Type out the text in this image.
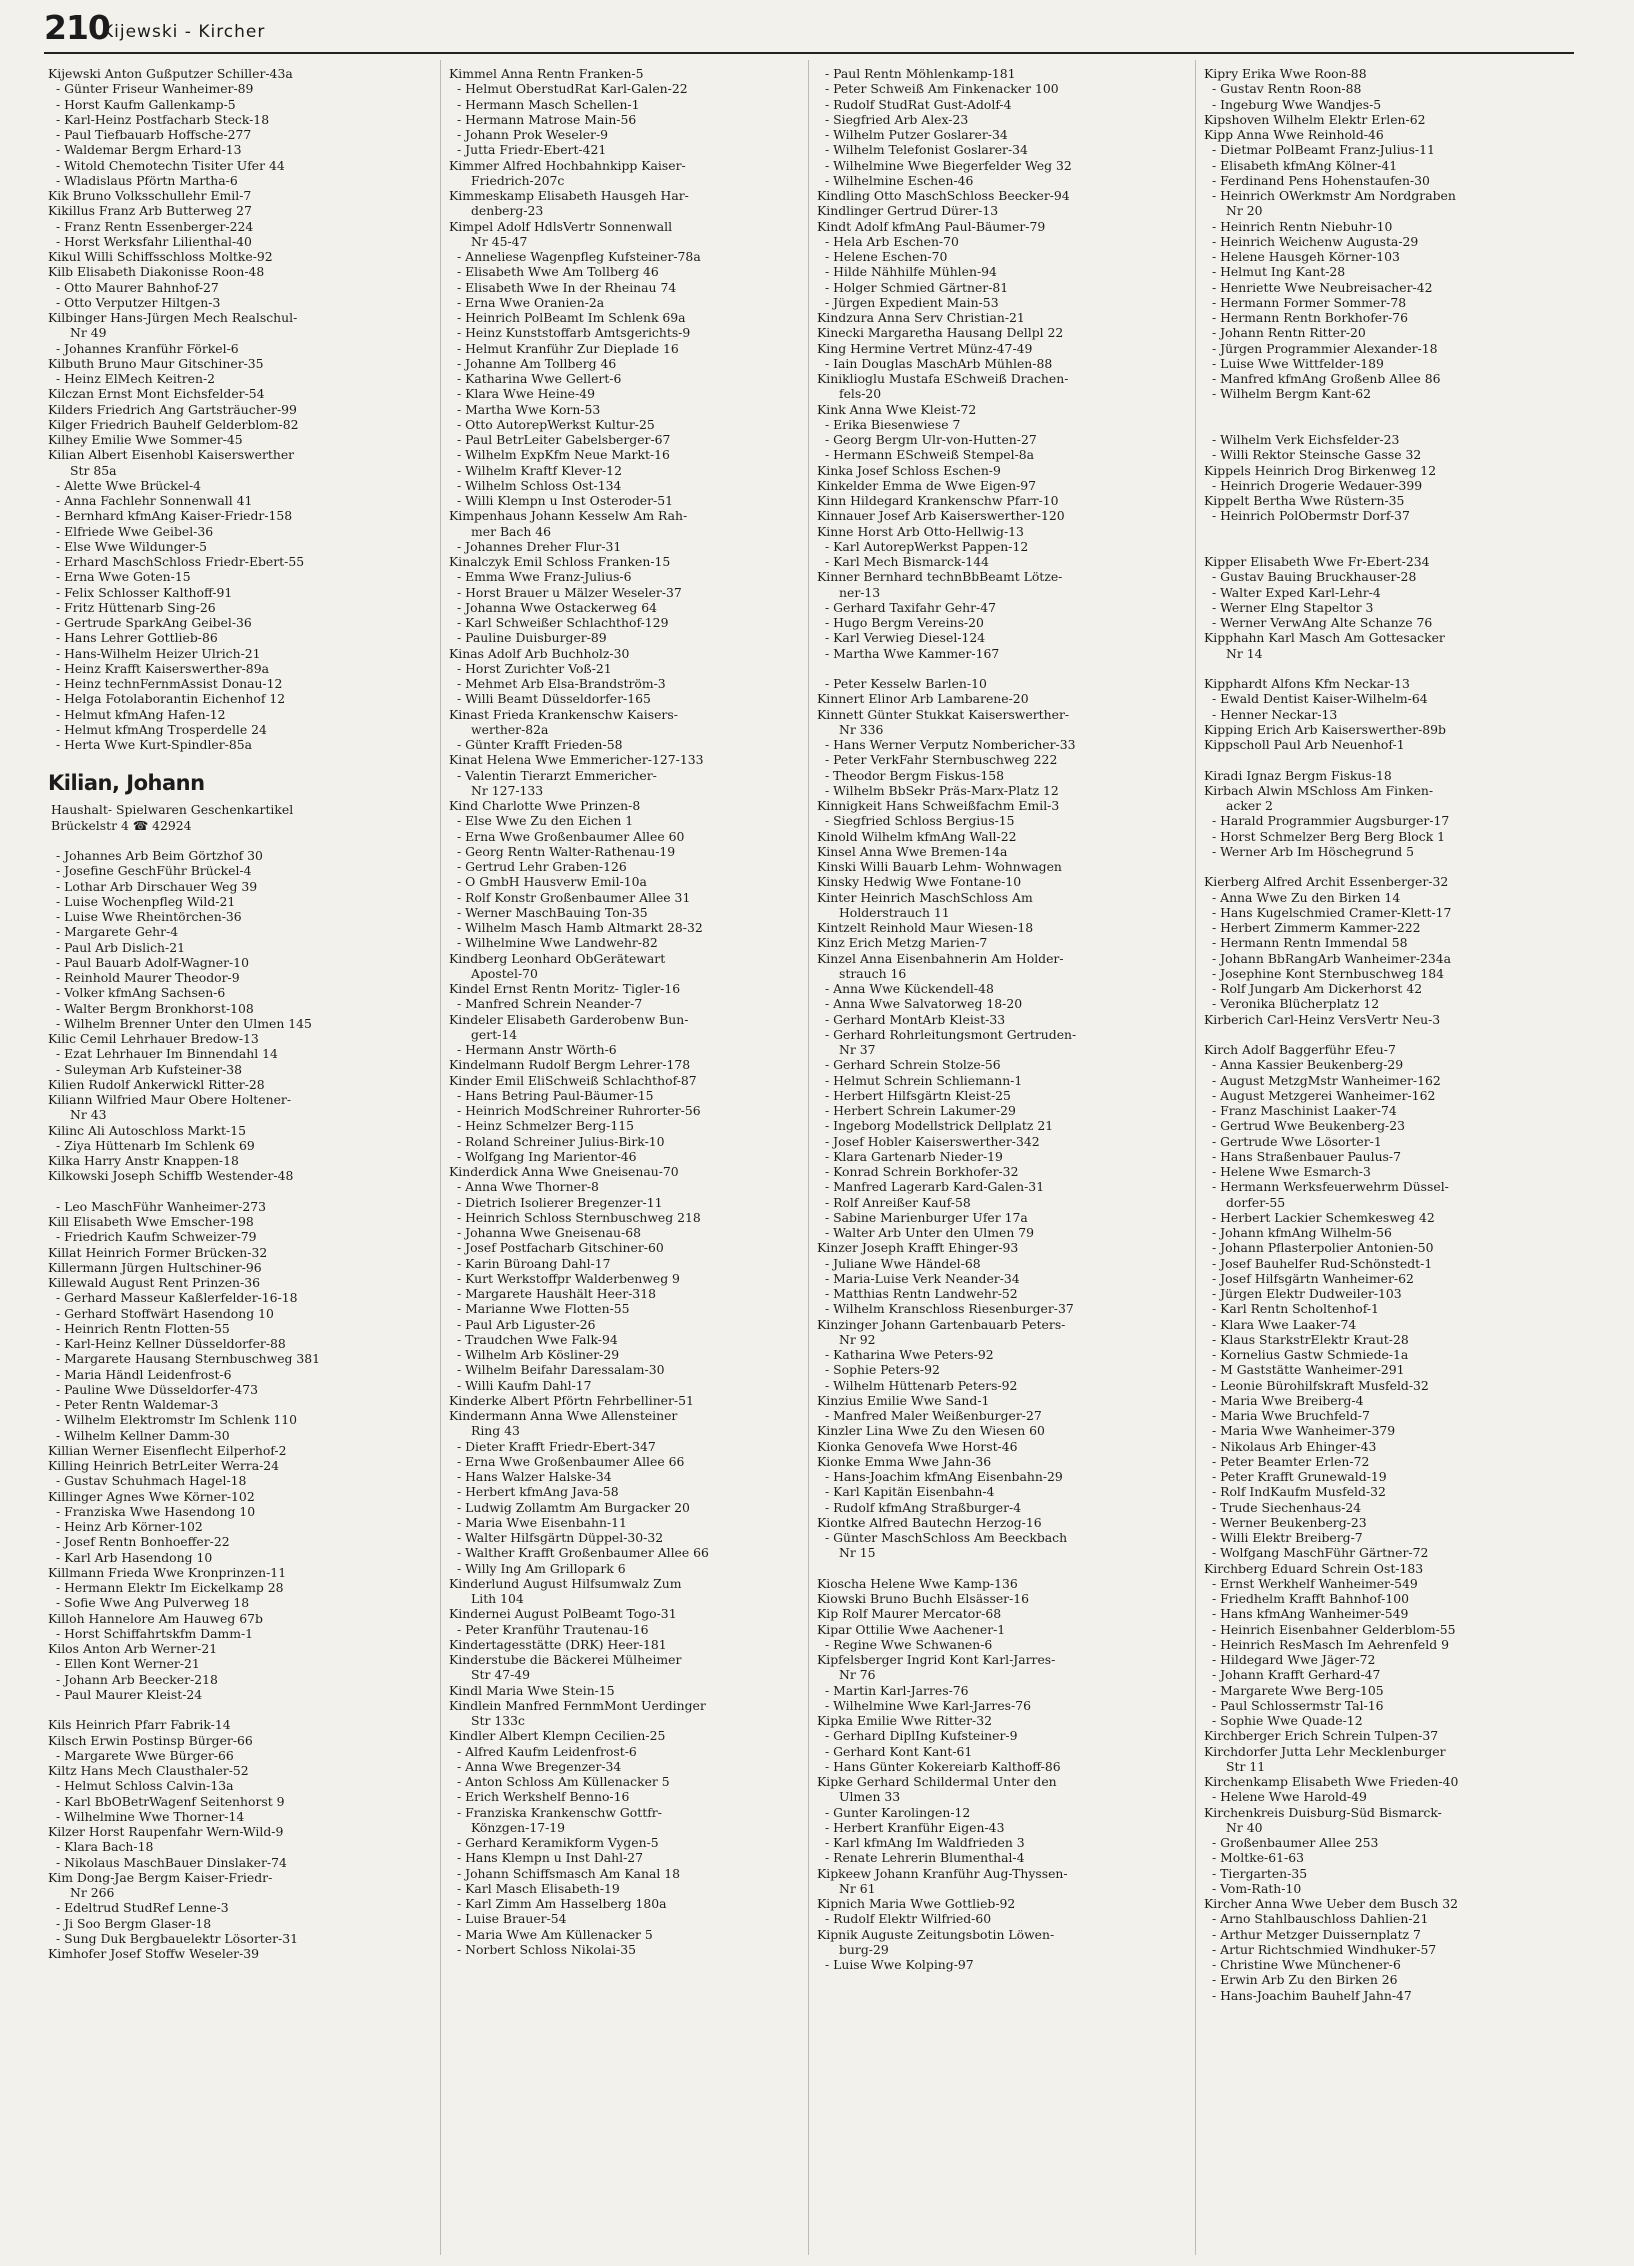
210
Kijewski - Kircher
Kijewski Anton Gußputzer Schiller-43a
- Günter Friseur Wanheimer-89
- Horst Kaufm Gallenkamp-5
- Karl-Heinz Postfacharb Steck-18
- Paul Tiefbauarb Hoffsche-277
- Waldemar Bergm Erhard-13
- Witold Chemotechn Tisiter Ufer 44
- Wladislaus Pförtn Martha-6
Kik Bruno Volksschullehr Emil-7
Kikillus Franz Arb Butterweg 27
- Franz Rentn Essenberger-224
- Horst Werksfahr Lilienthal-40
Kikul Willi Schiffsschloss Moltke-92
Kilb Elisabeth Diakonisse Roon-48
- Otto Maurer Bahnhof-27
- Otto Verputzer Hiltgen-3
Kilbinger Hans-Jürgen Mech Realschul-
Nr 49
- Johannes Kranführ Förkel-6
Kilbuth Bruno Maur Gitschiner-35
- Heinz ElMech Keitren-2
Kilczan Ernst Mont Eichsfelder-54
Kilders Friedrich Ang Gartsträucher-99
Kilger Friedrich Bauhelf Gelderblom-82
Kilhey Emilie Wwe Sommer-45
Kilian Albert Eisenhobl Kaiserswerther
Str 85a
- Alette Wwe Brückel-4
- Anna Fachlehr Sonnenwall 41
- Bernhard kfmAng Kaiser-Friedr-158
- Elfriede Wwe Geibel-36
- Else Wwe Wildunger-5
- Erhard MaschSchloss Friedr-Ebert-55
- Erna Wwe Goten-15
- Felix Schlosser Kalthoff-91
- Fritz Hüttenarb Sing-26
- Gertrude SparkAng Geibel-36
- Hans Lehrer Gottlieb-86
- Hans-Wilhelm Heizer Ulrich-21
- Heinz Krafft Kaiserswerther-89a
- Heinz technFernmAssist Donau-12
- Helga Fotolaborantin Eichenhof 12
- Helmut kfmAng Hafen-12
- Helmut kfmAng Trosperdelle 24
- Herta Wwe Kurt-Spindler-85a
Kilian, Johann
Haushalt- Spielwaren Geschenkartikel
Brückelstr 4 ☎ 42924
- Johannes Arb Beim Görtzhof 30
- Josefine GeschFühr Brückel-4
- Lothar Arb Dirschauer Weg 39
- Luise Wochenpfleg Wild-21
- Luise Wwe Rheintörchen-36
- Margarete Gehr-4
- Paul Arb Dislich-21
- Paul Bauarb Adolf-Wagner-10
- Reinhold Maurer Theodor-9
- Volker kfmAng Sachsen-6
- Walter Bergm Bronkhorst-108
- Wilhelm Brenner Unter den Ulmen 145
Kilic Cemil Lehrhauer Bredow-13
- Ezat Lehrhauer Im Binnendahl 14
- Suleyman Arb Kufsteiner-38
Kilien Rudolf Ankerwickl Ritter-28
Kiliann Wilfried Maur Obere Holtener-
Nr 43
Kilinc Ali Autoschloss Markt-15
- Ziya Hüttenarb Im Schlenk 69
Kilka Harry Anstr Knappen-18
Kilkowski Joseph Schiffb Westender-48
- Leo MaschFühr Wanheimer-273
Kill Elisabeth Wwe Emscher-198
- Friedrich Kaufm Schweizer-79
Killat Heinrich Former Brücken-32
Killermann Jürgen Hultschiner-96
Killewald August Rent Prinzen-36
- Gerhard Masseur Kaßlerfelder-16-18
- Gerhard Stoffwärt Hasendong 10
- Heinrich Rentn Flotten-55
- Karl-Heinz Kellner Düsseldorfer-88
- Margarete Hausang Sternbuschweg 381
- Maria Händl Leidenfrost-6
- Pauline Wwe Düsseldorfer-473
- Peter Rentn Waldemar-3
- Wilhelm Elektromstr Im Schlenk 110
- Wilhelm Kellner Damm-30
Killian Werner Eisenflecht Eilperhof-2
Killing Heinrich BetrLeiter Werra-24
- Gustav Schuhmach Hagel-18
Killinger Agnes Wwe Körner-102
- Franziska Wwe Hasendong 10
- Heinz Arb Körner-102
- Josef Rentn Bonhoeffer-22
- Karl Arb Hasendong 10
Killmann Frieda Wwe Kronprinzen-11
- Hermann Elektr Im Eickelkamp 28
- Sofie Wwe Ang Pulverweg 18
Killoh Hannelore Am Hauweg 67b
- Horst Schiffahrtskfm Damm-1
Kilos Anton Arb Werner-21
- Ellen Kont Werner-21
- Johann Arb Beecker-218
- Paul Maurer Kleist-24
Kils Heinrich Pfarr Fabrik-14
Kilsch Erwin Postinsp Bürger-66
- Margarete Wwe Bürger-66
Kiltz Hans Mech Clausthaler-52
- Helmut Schloss Calvin-13a
- Karl BbOBetrWagenf Seitenhorst 9
- Wilhelmine Wwe Thorner-14
Kilzer Horst Raupenfahr Wern-Wild-9
- Klara Bach-18
- Nikolaus MaschBauer Dinslaker-74
Kim Dong-Jae Bergm Kaiser-Friedr-
Nr 266
- Edeltrud StudRef Lenne-3
- Ji Soo Bergm Glaser-18
- Sung Duk Bergbauelektr Lösorter-31
Kimhofer Josef Stoffw Weseler-39
Kimmel Anna Rentn Franken-5
- Helmut OberstudRat Karl-Galen-22
- Hermann Masch Schellen-1
- Hermann Matrose Main-56
- Johann Prok Weseler-9
- Jutta Friedr-Ebert-421
Kimmer Alfred Hochbahnkipp Kaiser-
Friedrich-207c
Kimmeskamp Elisabeth Hausgeh Har-
denberg-23
Kimpel Adolf HdlsVertr Sonnenwall
Nr 45-47
- Anneliese Wagenpfleg Kufsteiner-78a
- Elisabeth Wwe Am Tollberg 46
- Elisabeth Wwe In der Rheinau 74
- Erna Wwe Oranien-2a
- Heinrich PolBeamt Im Schlenk 69a
- Heinz Kunststoffarb Amtsgerichts-9
- Helmut Kranführ Zur Dieplade 16
- Johanne Am Tollberg 46
- Katharina Wwe Gellert-6
- Klara Wwe Heine-49
- Martha Wwe Korn-53
- Otto AutorepWerkst Kultur-25
- Paul BetrLeiter Gabelsberger-67
- Wilhelm ExpKfm Neue Markt-16
- Wilhelm Kraftf Klever-12
- Wilhelm Schloss Ost-134
- Willi Klempn u Inst Osteroder-51
Kimpenhaus Johann Kesselw Am Rah-
mer Bach 46
- Johannes Dreher Flur-31
Kinalczyk Emil Schloss Franken-15
- Emma Wwe Franz-Julius-6
- Horst Brauer u Mälzer Weseler-37
- Johanna Wwe Ostackerweg 64
- Karl Schweißer Schlachthof-129
- Pauline Duisburger-89
Kinas Adolf Arb Buchholz-30
- Horst Zurichter Voß-21
- Mehmet Arb Elsa-Brandström-3
- Willi Beamt Düsseldorfer-165
Kinast Frieda Krankenschw Kaisers-
werther-82a
- Günter Krafft Frieden-58
Kinat Helena Wwe Emmericher-127-133
- Valentin Tierarzt Emmericher-
Nr 127-133
Kind Charlotte Wwe Prinzen-8
- Else Wwe Zu den Eichen 1
- Erna Wwe Großenbaumer Allee 60
- Georg Rentn Walter-Rathenau-19
- Gertrud Lehr Graben-126
- O GmbH Hausverw Emil-10a
- Rolf Konstr Großenbaumer Allee 31
- Werner MaschBauing Ton-35
- Wilhelm Masch Hamb Altmarkt 28-32
- Wilhelmine Wwe Landwehr-82
Kindberg Leonhard ObGerätewart
Apostel-70
Kindel Ernst Rentn Moritz- Tigler-16
- Manfred Schrein Neander-7
Kindeler Elisabeth Garderobenw Bun-
gert-14
- Hermann Anstr Wörth-6
Kindelmann Rudolf Bergm Lehrer-178
Kinder Emil EliSchweiß Schlachthof-87
- Hans Betring Paul-Bäumer-15
- Heinrich ModSchreiner Ruhrorter-56
- Heinz Schmelzer Berg-115
- Roland Schreiner Julius-Birk-10
- Wolfgang Ing Marientor-46
Kinderdick Anna Wwe Gneisenau-70
- Anna Wwe Thorner-8
- Dietrich Isolierer Bregenzer-11
- Heinrich Schloss Sternbuschweg 218
- Johanna Wwe Gneisenau-68
- Josef Postfacharb Gitschiner-60
- Karin Büroang Dahl-17
- Kurt Werkstoffpr Walderbenweg 9
- Margarete Haushält Heer-318
- Marianne Wwe Flotten-55
- Paul Arb Liguster-26
- Traudchen Wwe Falk-94
- Wilhelm Arb Kösliner-29
- Wilhelm Beifahr Daressalam-30
- Willi Kaufm Dahl-17
Kinderke Albert Pförtn Fehrbelliner-51
Kindermann Anna Wwe Allensteiner
Ring 43
- Dieter Krafft Friedr-Ebert-347
- Erna Wwe Großenbaumer Allee 66
- Hans Walzer Halske-34
- Herbert kfmAng Java-58
- Ludwig Zollamtm Am Burgacker 20
- Maria Wwe Eisenbahn-11
- Walter Hilfsgärtn Düppel-30-32
- Walther Krafft Großenbaumer Allee 66
- Willy Ing Am Grillopark 6
Kinderlund August Hilfsumwalz Zum
Lith 104
Kindernei August PolBeamt Togo-31
- Peter Kranführ Trautenau-16
Kindertagesstätte (DRK) Heer-181
Kinderstube die Bäckerei Mülheimer
Str 47-49
Kindl Maria Wwe Stein-15
Kindlein Manfred FernmMont Uerdinger
Str 133c
Kindler Albert Klempn Cecilien-25
- Alfred Kaufm Leidenfrost-6
- Anna Wwe Bregenzer-34
- Anton Schloss Am Küllenacker 5
- Erich Werkshelf Benno-16
- Franziska Krankenschw Gottfr-
Könzgen-17-19
- Gerhard Keramikform Vygen-5
- Hans Klempn u Inst Dahl-27
- Johann Schiffsmasch Am Kanal 18
- Karl Masch Elisabeth-19
- Karl Zimm Am Hasselberg 180a
- Luise Brauer-54
- Maria Wwe Am Küllenacker 5
- Norbert Schloss Nikolai-35
- Paul Rentn Möhlenkamp-181
- Peter Schweiß Am Finkenacker 100
- Rudolf StudRat Gust-Adolf-4
- Siegfried Arb Alex-23
- Wilhelm Putzer Goslarer-34
- Wilhelm Telefonist Goslarer-34
- Wilhelmine Wwe Biegerfelder Weg 32
- Wilhelmine Eschen-46
Kindling Otto MaschSchloss Beecker-94
Kindlinger Gertrud Dürer-13
Kindt Adolf kfmAng Paul-Bäumer-79
- Hela Arb Eschen-70
- Helene Eschen-70
- Hilde Nähhilfe Mühlen-94
- Holger Schmied Gärtner-81
- Jürgen Expedient Main-53
Kindzura Anna Serv Christian-21
Kinecki Margaretha Hausang Dellpl 22
King Hermine Vertret Münz-47-49
- Iain Douglas MaschArb Mühlen-88
Kiniklioglu Mustafa ESchweiß Drachen-
fels-20
Kink Anna Wwe Kleist-72
- Erika Biesenwiese 7
- Georg Bergm Ulr-von-Hutten-27
- Hermann ESchweiß Stempel-8a
Kinka Josef Schloss Eschen-9
Kinkelder Emma de Wwe Eigen-97
Kinn Hildegard Krankenschw Pfarr-10
Kinnauer Josef Arb Kaiserswerther-120
Kinne Horst Arb Otto-Hellwig-13
- Karl AutorepWerkst Pappen-12
- Karl Mech Bismarck-144
Kinner Bernhard technBbBeamt Lötze-
ner-13
- Gerhard Taxifahr Gehr-47
- Hugo Bergm Vereins-20
- Karl Verwieg Diesel-124
- Martha Wwe Kammer-167
- Peter Kesselw Barlen-10
Kinnert Elinor Arb Lambarene-20
Kinnett Günter Stukkat Kaiserswerther-
Nr 336
- Hans Werner Verputz Nombericher-33
- Peter VerkFahr Sternbuschweg 222
- Theodor Bergm Fiskus-158
- Wilhelm BbSekr Präs-Marx-Platz 12
Kinnigkeit Hans Schweißfachm Emil-3
- Siegfried Schloss Bergius-15
Kinold Wilhelm kfmAng Wall-22
Kinsel Anna Wwe Bremen-14a
Kinski Willi Bauarb Lehm- Wohnwagen
Kinsky Hedwig Wwe Fontane-10
Kinter Heinrich MaschSchloss Am
Holderstrauch 11
Kintzelt Reinhold Maur Wiesen-18
Kinz Erich Metzg Marien-7
Kinzel Anna Eisenbahnerin Am Holder-
strauch 16
- Anna Wwe Kückendell-48
- Anna Wwe Salvatorweg 18-20
- Gerhard MontArb Kleist-33
- Gerhard Rohrleitungsmont Gertruden-
Nr 37
- Gerhard Schrein Stolze-56
- Helmut Schrein Schliemann-1
- Herbert Hilfsgärtn Kleist-25
- Herbert Schrein Lakumer-29
- Ingeborg Modellstrick Dellplatz 21
- Josef Hobler Kaiserswerther-342
- Klara Gartenarb Nieder-19
- Konrad Schrein Borkhofer-32
- Manfred Lagerarb Kard-Galen-31
- Rolf Anreißer Kauf-58
- Sabine Marienburger Ufer 17a
- Walter Arb Unter den Ulmen 79
Kinzer Joseph Krafft Ehinger-93
- Juliane Wwe Händel-68
- Maria-Luise Verk Neander-34
- Matthias Rentn Landwehr-52
- Wilhelm Kranschloss Riesenburger-37
Kinzinger Johann Gartenbauarb Peters-
Nr 92
- Katharina Wwe Peters-92
- Sophie Peters-92
- Wilhelm Hüttenarb Peters-92
Kinzius Emilie Wwe Sand-1
- Manfred Maler Weißenburger-27
Kinzler Lina Wwe Zu den Wiesen 60
Kionka Genovefa Wwe Horst-46
Kionke Emma Wwe Jahn-36
- Hans-Joachim kfmAng Eisenbahn-29
- Karl Kapitän Eisenbahn-4
- Rudolf kfmAng Straßburger-4
Kiontke Alfred Bautechn Herzog-16
- Günter MaschSchloss Am Beeckbach
Nr 15
Kioscha Helene Wwe Kamp-136
Kiowski Bruno Buchh Elsässer-16
Kip Rolf Maurer Mercator-68
Kipar Ottilie Wwe Aachener-1
- Regine Wwe Schwanen-6
Kipfelsberger Ingrid Kont Karl-Jarres-
Nr 76
- Martin Karl-Jarres-76
- Wilhelmine Wwe Karl-Jarres-76
Kipka Emilie Wwe Ritter-32
- Gerhard DiplIng Kufsteiner-9
- Gerhard Kont Kant-61
- Hans Günter Kokereiarb Kalthoff-86
Kipke Gerhard Schildermal Unter den
Ulmen 33
- Gunter Karolingen-12
- Herbert Kranführ Eigen-43
- Karl kfmAng Im Waldfrieden 3
- Renate Lehrerin Blumenthal-4
Kipkeew Johann Kranführ Aug-Thyssen-
Nr 61
Kipnich Maria Wwe Gottlieb-92
- Rudolf Elektr Wilfried-60
Kipnik Auguste Zeitungsbotin Löwen-
burg-29
- Luise Wwe Kolping-97
Kipry Erika Wwe Roon-88
- Gustav Rentn Roon-88
- Ingeburg Wwe Wandjes-5
Kipshoven Wilhelm Elektr Erlen-62
Kipp Anna Wwe Reinhold-46
- Dietmar PolBeamt Franz-Julius-11
- Elisabeth kfmAng Kölner-41
- Ferdinand Pens Hohenstaufen-30
- Heinrich OWerkmstr Am Nordgraben
Nr 20
- Heinrich Rentn Niebuhr-10
- Heinrich Weichenw Augusta-29
- Helene Hausgeh Körner-103
- Helmut Ing Kant-28
- Henriette Wwe Neubreisacher-42
- Hermann Former Sommer-78
- Hermann Rentn Borkhofer-76
- Johann Rentn Ritter-20
- Jürgen Programmier Alexander-18
- Luise Wwe Wittfelder-189
- Manfred kfmAng Großenb Allee 86
- Wilhelm Bergm Kant-62
- Wilhelm Verk Eichsfelder-23
- Willi Rektor Steinsche Gasse 32
Kippels Heinrich Drog Birkenweg 12
- Heinrich Drogerie Wedauer-399
Kippelt Bertha Wwe Rüstern-35
- Heinrich PolObermstr Dorf-37
Kipper Elisabeth Wwe Fr-Ebert-234
- Gustav Bauing Bruckhauser-28
- Walter Exped Karl-Lehr-4
- Werner Elng Stapeltor 3
- Werner VerwAng Alte Schanze 76
Kipphahn Karl Masch Am Gottesacker
Nr 14
Kipphardt Alfons Kfm Neckar-13
- Ewald Dentist Kaiser-Wilhelm-64
- Henner Neckar-13
Kipping Erich Arb Kaiserswerther-89b
Kippscholl Paul Arb Neuenhof-1
Kiradi Ignaz Bergm Fiskus-18
Kirbach Alwin MSchloss Am Finken-
acker 2
- Harald Programmier Augsburger-17
- Horst Schmelzer Berg Berg Block 1
- Werner Arb Im Höschegrund 5
Kierberg Alfred Archit Essenberger-32
- Anna Wwe Zu den Birken 14
- Hans Kugelschmied Cramer-Klett-17
- Herbert Zimmerm Kammer-222
- Hermann Rentn Immendal 58
- Johann BbRangArb Wanheimer-234a
- Josephine Kont Sternbuschweg 184
- Rolf Jungarb Am Dickerhorst 42
- Veronika Blücherplatz 12
Kirberich Carl-Heinz VersVertr Neu-3
Kirch Adolf Baggerführ Efeu-7
- Anna Kassier Beukenberg-29
- August MetzgMstr Wanheimer-162
- August Metzgerei Wanheimer-162
- Franz Maschinist Laaker-74
- Gertrud Wwe Beukenberg-23
- Gertrude Wwe Lösorter-1
- Hans Straßenbauer Paulus-7
- Helene Wwe Esmarch-3
- Hermann Werksfeuerwehrm Düssel-
dorfer-55
- Herbert Lackier Schemkesweg 42
- Johann kfmAng Wilhelm-56
- Johann Pflasterpolier Antonien-50
- Josef Bauhelfer Rud-Schönstedt-1
- Josef Hilfsgärtn Wanheimer-62
- Jürgen Elektr Dudweiler-103
- Karl Rentn Scholtenhof-1
- Klara Wwe Laaker-74
- Klaus StarkstrElektr Kraut-28
- Kornelius Gastw Schmiede-1a
- M Gaststätte Wanheimer-291
- Leonie Bürohilfskraft Musfeld-32
- Maria Wwe Breiberg-4
- Maria Wwe Bruchfeld-7
- Maria Wwe Wanheimer-379
- Nikolaus Arb Ehinger-43
- Peter Beamter Erlen-72
- Peter Krafft Grunewald-19
- Rolf IndKaufm Musfeld-32
- Trude Siechenhaus-24
- Werner Beukenberg-23
- Willi Elektr Breiberg-7
- Wolfgang MaschFühr Gärtner-72
Kirchberg Eduard Schrein Ost-183
- Ernst Werkhelf Wanheimer-549
- Friedhelm Krafft Bahnhof-100
- Hans kfmAng Wanheimer-549
- Heinrich Eisenbahner Gelderblom-55
- Heinrich ResMasch Im Aehrenfeld 9
- Hildegard Wwe Jäger-72
- Johann Krafft Gerhard-47
- Margarete Wwe Berg-105
- Paul Schlossermstr Tal-16
- Sophie Wwe Quade-12
Kirchberger Erich Schrein Tulpen-37
Kirchdorfer Jutta Lehr Mecklenburger
Str 11
Kirchenkamp Elisabeth Wwe Frieden-40
- Helene Wwe Harold-49
Kirchenkreis Duisburg-Süd Bismarck-
Nr 40
- Großenbaumer Allee 253
- Moltke-61-63
- Tiergarten-35
- Vom-Rath-10
Kircher Anna Wwe Ueber dem Busch 32
- Arno Stahlbauschloss Dahlien-21
- Arthur Metzger Duissernplatz 7
- Artur Richtschmied Windhuker-57
- Christine Wwe Münchener-6
- Erwin Arb Zu den Birken 26
- Hans-Joachim Bauhelf Jahn-47
